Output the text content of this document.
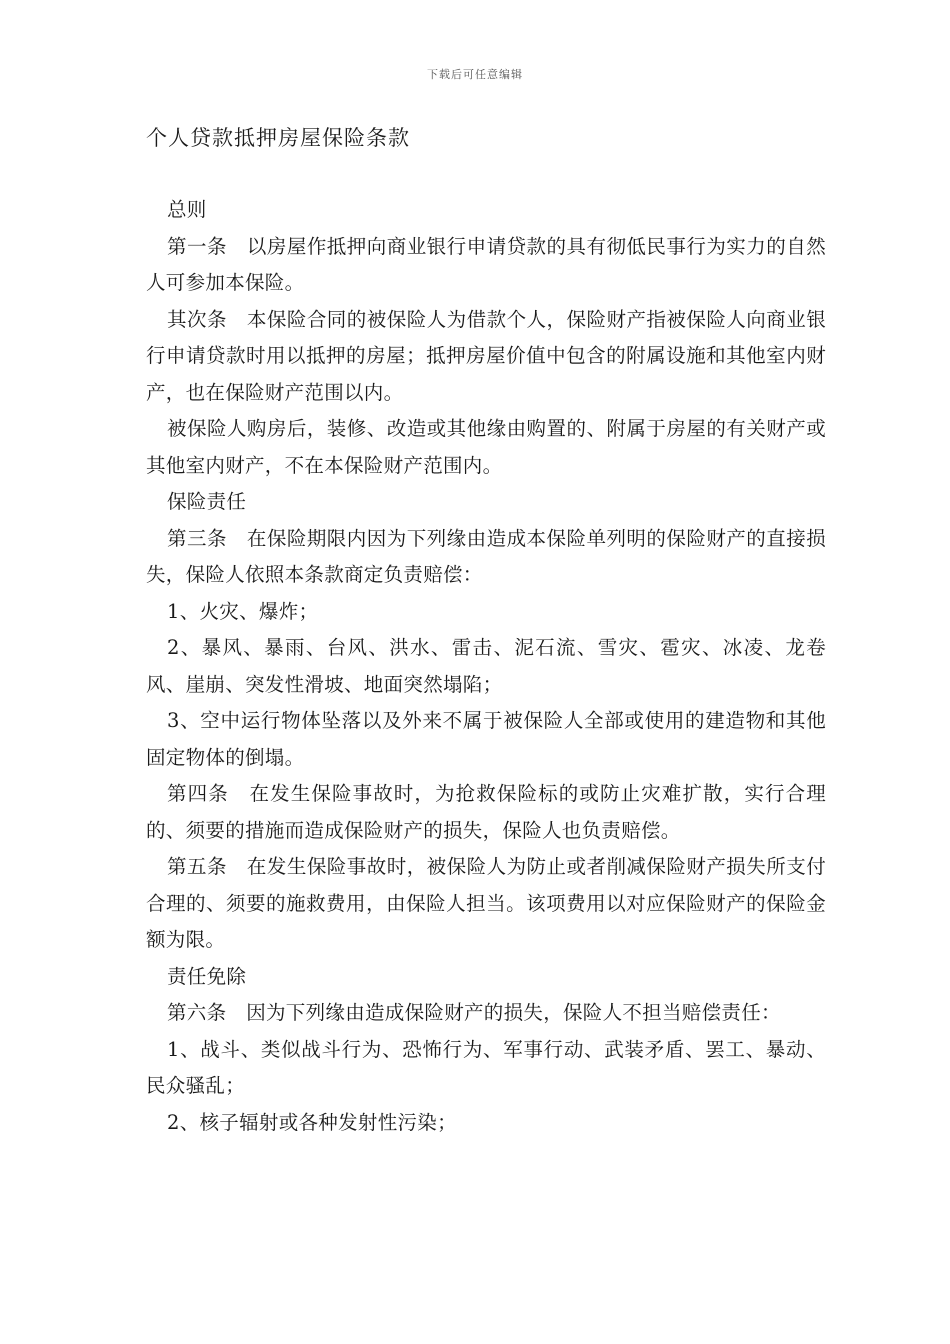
下载后可任意编辑
个人贷款抵押房屋保险条款

总则

第一条　以房屋作抵押向商业银行申请贷款的具有彻低民事行为实力的自然人可参加本保险。

其次条　本保险合同的被保险人为借款个人，保险财产指被保险人向商业银行申请贷款时用以抵押的房屋；抵押房屋价值中包含的附属设施和其他室内财产，也在保险财产范围以内。

被保险人购房后，装修、改造或其他缘由购置的、附属于房屋的有关财产或其他室内财产，不在本保险财产范围内。

保险责任

第三条　在保险期限内因为下列缘由造成本保险单列明的保险财产的直接损失，保险人依照本条款商定负责赔偿：

1、火灾、爆炸；

2、暴风、暴雨、台风、洪水、雷击、泥石流、雪灾、雹灾、冰凌、龙卷风、崖崩、突发性滑坡、地面突然塌陷；

3、空中运行物体坠落以及外来不属于被保险人全部或使用的建造物和其他固定物体的倒塌。

第四条　在发生保险事故时，为抢救保险标的或防止灾难扩散，实行合理的、须要的措施而造成保险财产的损失，保险人也负责赔偿。

第五条　在发生保险事故时，被保险人为防止或者削减保险财产损失所支付合理的、须要的施救费用，由保险人担当。该项费用以对应保险财产的保险金额为限。

责任免除

第六条　因为下列缘由造成保险财产的损失，保险人不担当赔偿责任：

1、战斗、类似战斗行为、恐怖行为、军事行动、武装矛盾、罢工、暴动、民众骚乱；

2、核子辐射或各种发射性污染；
